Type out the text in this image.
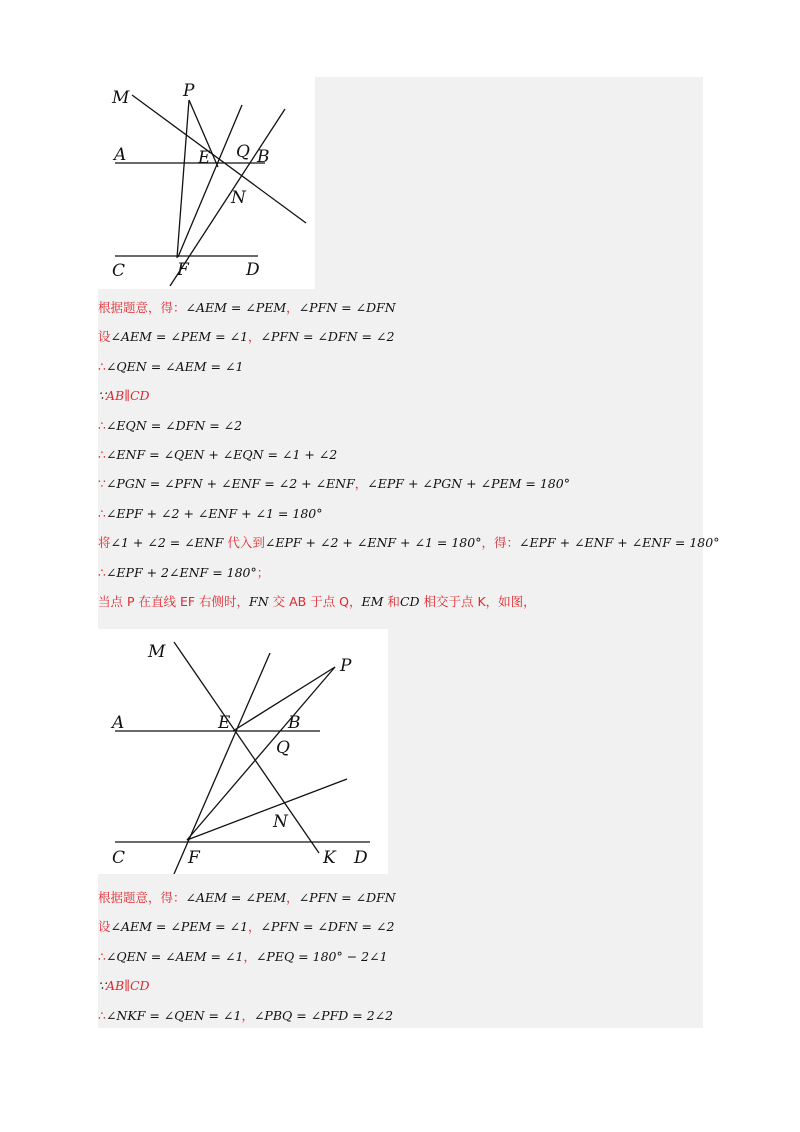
M	P
A	E Q B
N
C	F	D
根据题意，得：∠AEM = ∠PEM，∠PFN = ∠DFN
设∠AEM = ∠PEM = ∠1，∠PFN = ∠DFN = ∠2
∴∠QEN = ∠AEM = ∠1
∵AB∥CD
∴∠EQN = ∠DFN = ∠2
∴∠ENF = ∠QEN + ∠EQN = ∠1 + ∠2
∵∠PGN = ∠PFN + ∠ENF = ∠2 + ∠ENF，∠EPF + ∠PGN + ∠PEM = 180°
∴∠EPF + ∠2 + ∠ENF + ∠1 = 180°
将∠1 + ∠2 = ∠ENF 代入到∠EPF + ∠2 + ∠ENF + ∠1 = 180°，得：∠EPF + ∠ENF + ∠ENF = 180°
∴∠EPF + 2∠ENF = 180°；
当点 P 在直线 EF 右侧时，FN 交 AB 于点 Q，EM 和CD 相交于点 K，如图，
M
P
A	E	B
Q
N
C	F	K D
根据题意，得：∠AEM = ∠PEM，∠PFN = ∠DFN
设∠AEM = ∠PEM = ∠1，∠PFN = ∠DFN = ∠2
∴∠QEN = ∠AEM = ∠1，∠PEQ = 180° − 2∠1
∵AB∥CD
∴∠NKF = ∠QEN = ∠1，∠PBQ = ∠PFD = 2∠2
